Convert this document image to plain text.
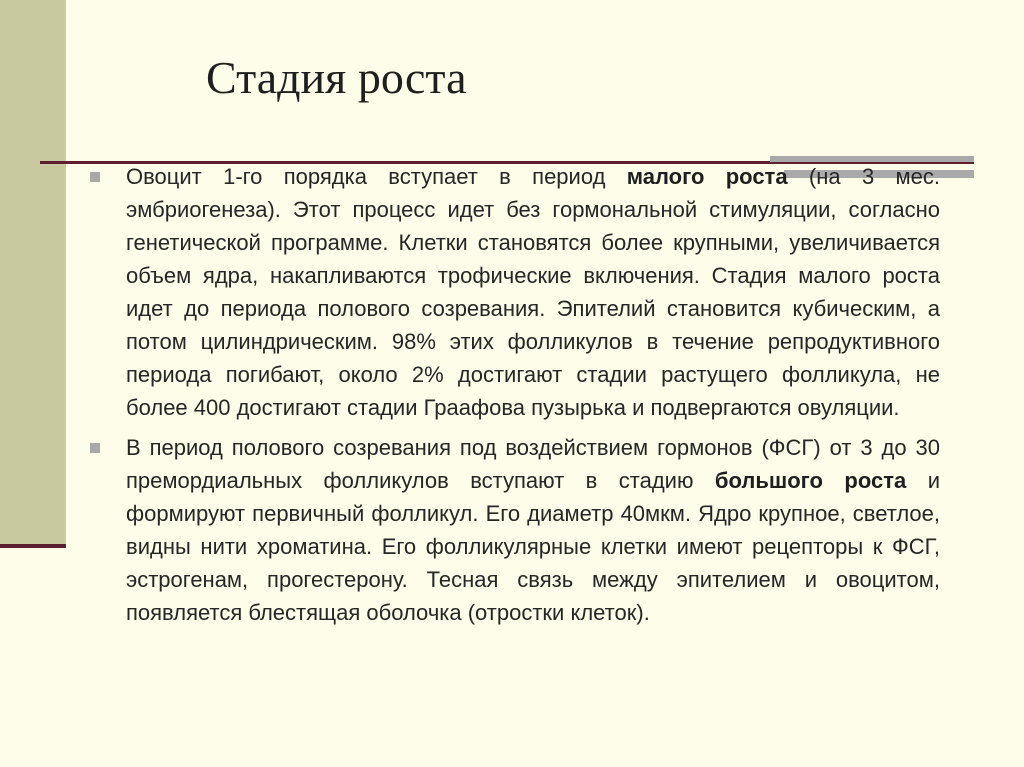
Стадия роста

Овоцит 1-го порядка вступает в период малого роста (на 3 мес. эмбриогенеза). Этот процесс идет без гормональной стимуляции, согласно генетической программе. Клетки становятся более крупными, увеличивается объем ядра, накапливаются трофические включения. Стадия малого роста идет до периода полового созревания. Эпителий становится кубическим, а потом цилиндрическим. 98% этих фолликулов в течение репродуктивного периода погибают, около 2% достигают стадии растущего фолликула, не более 400 достигают стадии Граафова пузырька и подвергаются овуляции.

В период полового созревания под воздействием гормонов (ФСГ) от 3 до 30 премордиальных фолликулов вступают в стадию большого роста и формируют первичный фолликул. Его диаметр 40мкм. Ядро крупное, светлое, видны нити хроматина. Его фолликулярные клетки имеют рецепторы к ФСГ, эстрогенам, прогестерону. Тесная связь между эпителием и овоцитом, появляется блестящая оболочка (отростки клеток).
